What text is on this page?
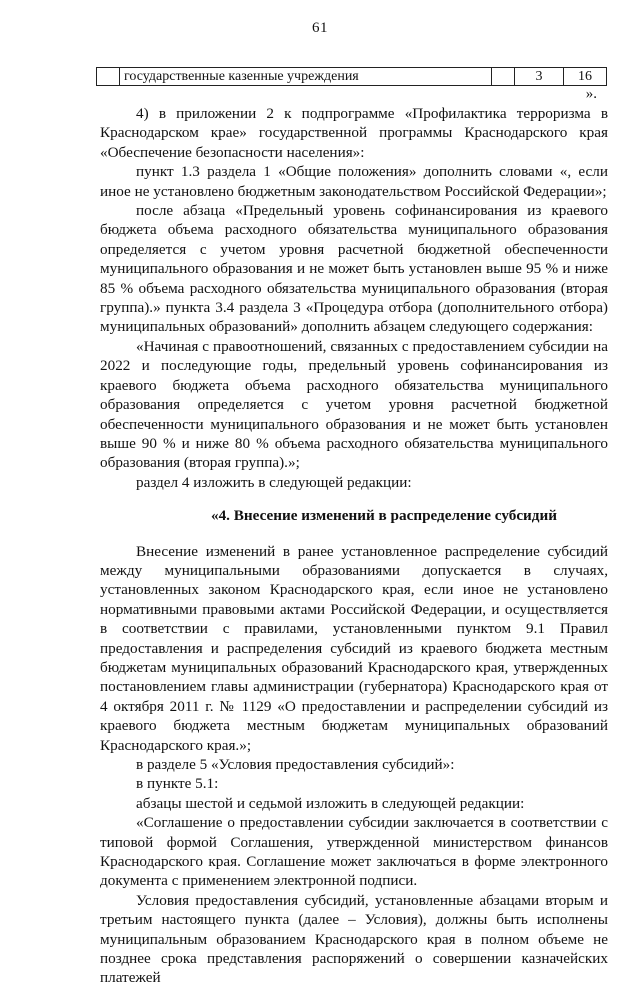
61
	государственные казенные учреждения		3	16
».

4) в приложении 2 к подпрограмме «Профилактика терроризма в Краснодарском крае» государственной программы Краснодарского края «Обеспечение безопасности населения»:

пункт 1.3 раздела 1 «Общие положения» дополнить словами «, если иное не установлено бюджетным законодательством Российской Федерации»;

после абзаца «Предельный уровень софинансирования из краевого бюджета объема расходного обязательства муниципального образования определяется с учетом уровня расчетной бюджетной обеспеченности муниципального образования и не может быть установлен выше 95 % и ниже 85 % объема расходного обязательства муниципального образования (вторая группа).» пункта 3.4 раздела 3 «Процедура отбора (дополнительного отбора) муниципальных образований» дополнить абзацем следующего содержания:

«Начиная с правоотношений, связанных с предоставлением субсидии на 2022 и последующие годы, предельный уровень софинансирования из краевого бюджета объема расходного обязательства муниципального образования определяется с учетом уровня расчетной бюджетной обеспеченности муниципального образования и не может быть установлен выше 90 % и ниже 80 % объема расходного обязательства муниципального образования (вторая группа).»;

раздел 4 изложить в следующей редакции:

«4. Внесение изменений в распределение субсидий

Внесение изменений в ранее установленное распределение субсидий между муниципальными образованиями допускается в случаях, установленных законом Краснодарского края, если иное не установлено нормативными правовыми актами Российской Федерации, и осуществляется в соответствии с правилами, установленными пунктом 9.1 Правил предоставления и распределения субсидий из краевого бюджета местным бюджетам муниципальных образований Краснодарского края, утвержденных постановлением главы администрации (губернатора) Краснодарского края от 4 октября 2011 г. № 1129 «О предоставлении и распределении субсидий из краевого бюджета местным бюджетам муниципальных образований Краснодарского края.»;

в разделе 5 «Условия предоставления субсидий»:

в пункте 5.1:

абзацы шестой и седьмой изложить в следующей редакции:

«Соглашение о предоставлении субсидии заключается в соответствии с типовой формой Соглашения, утвержденной министерством финансов Краснодарского края. Соглашение может заключаться в форме электронного документа с применением электронной подписи.

Условия предоставления субсидий, установленные абзацами вторым и третьим настоящего пункта (далее – Условия), должны быть исполнены муниципальным образованием Краснодарского края в полном объеме не позднее срока представления распоряжений о совершении казначейских платежей
